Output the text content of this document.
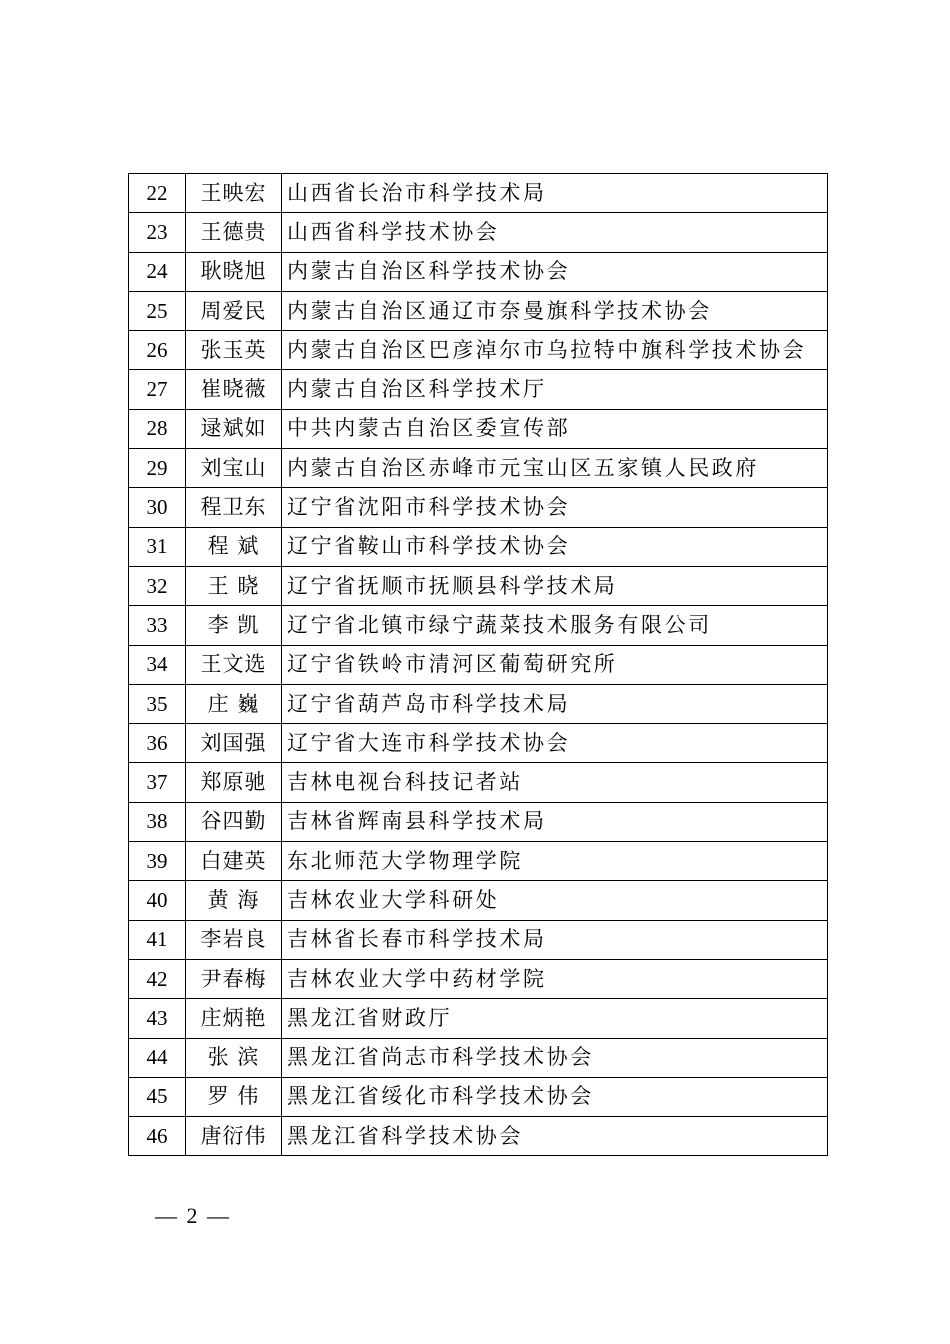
22	王映宏	山西省长治市科学技术局
23	王德贵	山西省科学技术协会
24	耿晓旭	内蒙古自治区科学技术协会
25	周爱民	内蒙古自治区通辽市奈曼旗科学技术协会
26	张玉英	内蒙古自治区巴彦淖尔市乌拉特中旗科学技术协会
27	崔晓薇	内蒙古自治区科学技术厅
28	逯斌如	中共内蒙古自治区委宣传部
29	刘宝山	内蒙古自治区赤峰市元宝山区五家镇人民政府
30	程卫东	辽宁省沈阳市科学技术协会
31	程 斌	辽宁省鞍山市科学技术协会
32	王 晓	辽宁省抚顺市抚顺县科学技术局
33	李 凯	辽宁省北镇市绿宁蔬菜技术服务有限公司
34	王文选	辽宁省铁岭市清河区葡萄研究所
35	庄 巍	辽宁省葫芦岛市科学技术局
36	刘国强	辽宁省大连市科学技术协会
37	郑原驰	吉林电视台科技记者站
38	谷四勤	吉林省辉南县科学技术局
39	白建英	东北师范大学物理学院
40	黄 海	吉林农业大学科研处
41	李岩良	吉林省长春市科学技术局
42	尹春梅	吉林农业大学中药材学院
43	庄炳艳	黑龙江省财政厅
44	张 滨	黑龙江省尚志市科学技术协会
45	罗 伟	黑龙江省绥化市科学技术协会
46	唐衍伟	黑龙江省科学技术协会
— 2 —
